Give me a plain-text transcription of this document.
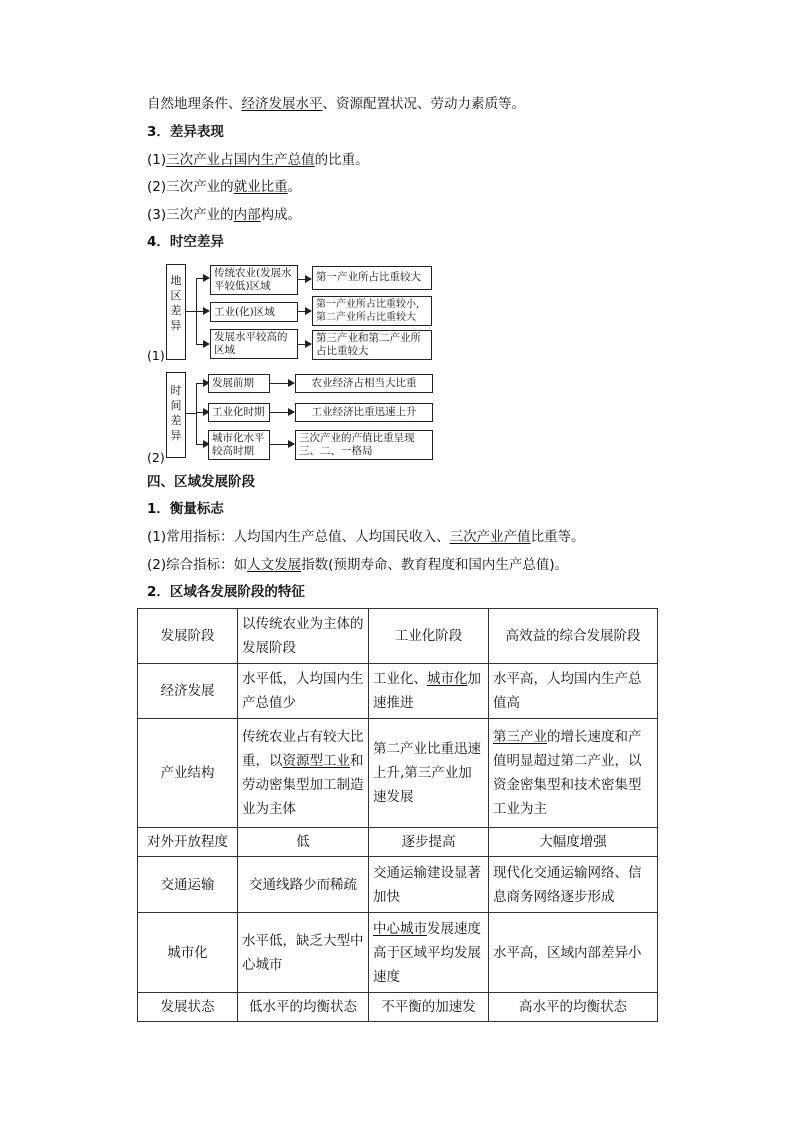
自然地理条件、经济发展水平、资源配置状况、劳动力素质等。
3．差异表现
(1)三次产业占国内生产总值的比重。
(2)三次产业的就业比重。
(3)三次产业的内部构成。
4．时空差异
(1)
地区差异
传统农业(发展水平较低)区域
第一产业所占比重较大
工业(化)区域
第一产业所占比重较小,第二产业所占比重较大
发展水平较高的区域
第三产业和第二产业所占比重较大
(2)
时间差异
发展前期	农业经济占相当大比重
工业化时期	工业经济比重迅速上升
城市化水平较高时期
三次产业的产值比重呈现三、二、一格局
四、区域发展阶段
1．衡量标志
(1)常用指标：人均国内生产总值、人均国民收入、三次产业产值比重等。
(2)综合指标：如人文发展指数(预期寿命、教育程度和国内生产总值)。
2．区域各发展阶段的特征
发展阶段	以传统农业为主体的发展阶段	工业化阶段	高效益的综合发展阶段
经济发展	水平低，人均国内生产总值少	工业化、城市化加速推进	水平高，人均国内生产总值高
产业结构	传统农业占有较大比重，以资源型工业和劳动密集型加工制造业为主体	第二产业比重迅速上升,第三产业加速发展	第三产业的增长速度和产值明显超过第二产业，以资金密集型和技术密集型工业为主
对外开放程度	低	逐步提高	大幅度增强
交通运输	交通线路少而稀疏	交通运输建设显著加快	现代化交通运输网络、信息商务网络逐步形成
城市化	水平低，缺乏大型中心城市	中心城市发展速度高于区域平均发展速度	水平高，区域内部差异小
发展状态	低水平的均衡状态	不平衡的加速发	高水平的均衡状态
